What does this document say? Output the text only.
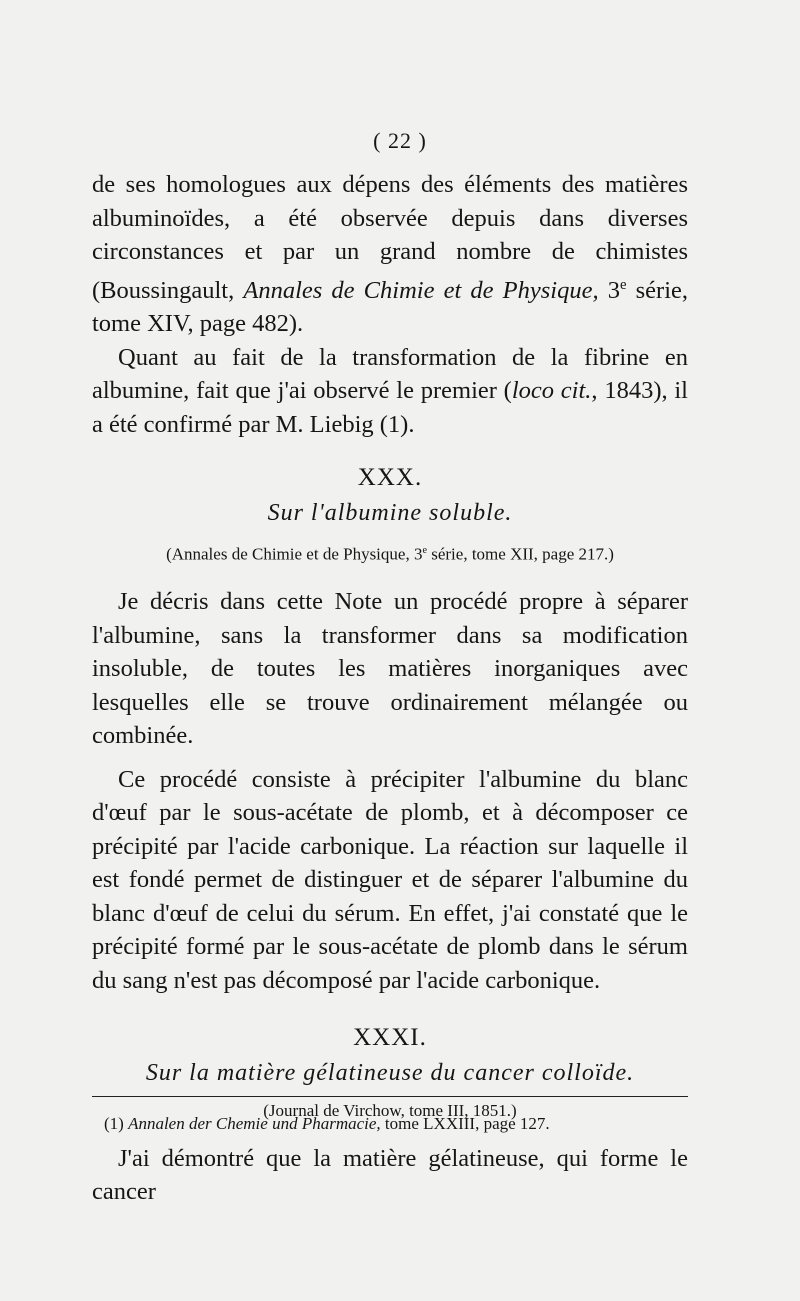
( 22 )

de ses homologues aux dépens des éléments des matières albuminoïdes, a été observée depuis dans diverses circonstances et par un grand nombre de chimistes (Boussingault, Annales de Chimie et de Physique, 3e série, tome XIV, page 482).

Quant au fait de la transformation de la fibrine en albumine, fait que j'ai observé le premier (loco cit., 1843), il a été confirmé par M. Liebig (1).

XXX.
Sur l'albumine soluble.
(Annales de Chimie et de Physique, 3e série, tome XII, page 217.)

Je décris dans cette Note un procédé propre à séparer l'albumine, sans la transformer dans sa modification insoluble, de toutes les matières inorganiques avec lesquelles elle se trouve ordinairement mélangée ou combinée.

Ce procédé consiste à précipiter l'albumine du blanc d'œuf par le sous-acétate de plomb, et à décomposer ce précipité par l'acide carbonique. La réaction sur laquelle il est fondé permet de distinguer et de séparer l'albumine du blanc d'œuf de celui du sérum. En effet, j'ai constaté que le précipité formé par le sous-acétate de plomb dans le sérum du sang n'est pas décomposé par l'acide carbonique.

XXXI.
Sur la matière gélatineuse du cancer colloïde.
(Journal de Virchow, tome III, 1851.)

J'ai démontré que la matière gélatineuse, qui forme le cancer

(1) Annalen der Chemie und Pharmacie, tome LXXIII, page 127.
